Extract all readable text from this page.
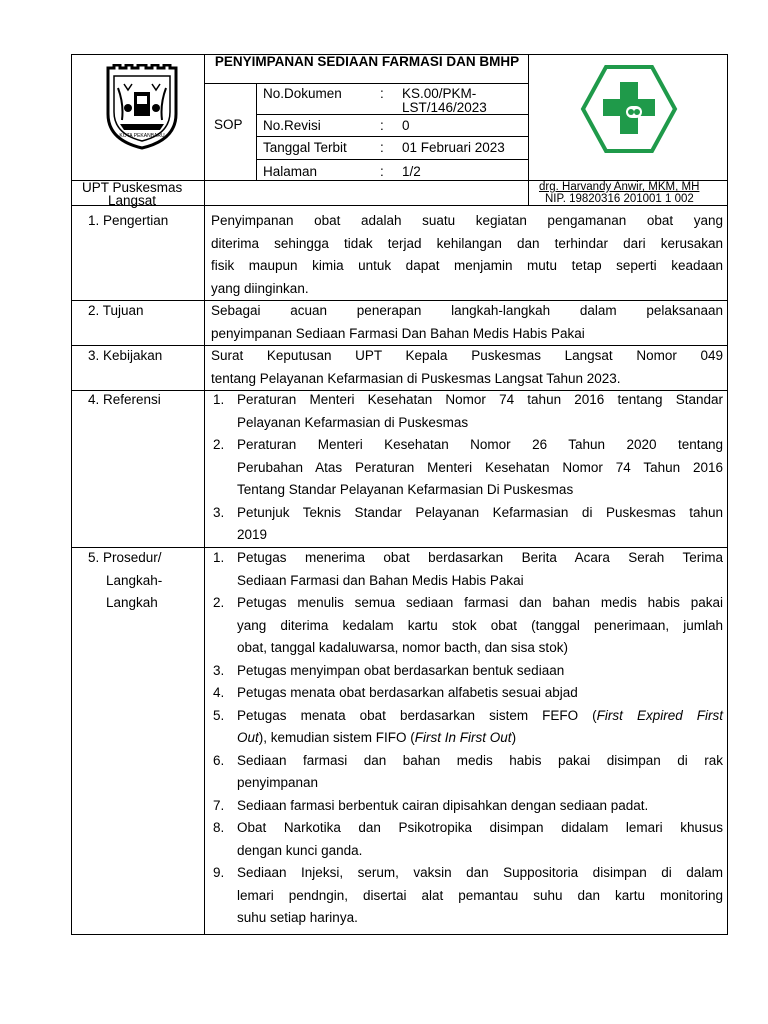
KOTA PEKANBARU
PENYIMPANAN SEDIAAN FARMASI DAN BMHP
SOP
No.Dokumen	: KS.00/PKM-
LST/146/2023
No.Revisi	: 0
Tanggal Terbit : 01 Februari 2023
Halaman	: 1/2
UPT Puskesmas
Langsat
drg. Harvandy Anwir, MKM, MH
NIP. 19820316 201001 1 002
1. Pengertian	Penyimpanan obat adalah suatu kegiatan pengamanan obat yang
diterima sehingga tidak terjad kehilangan dan terhindar dari kerusakan
fisik maupun kimia untuk dapat menjamin mutu tetap seperti keadaan
yang diinginkan.
2. Tujuan	Sebagai acuan penerapan langkah-langkah dalam pelaksanaan
penyimpanan Sediaan Farmasi Dan Bahan Medis Habis Pakai
3. Kebijakan	Surat Keputusan UPT Kepala Puskesmas Langsat Nomor 049
tentang Pelayanan Kefarmasian di Puskesmas Langsat Tahun 2023.
4. Referensi	1. Peraturan Menteri Kesehatan Nomor 74 tahun 2016 tentang Standar
Pelayanan Kefarmasian di Puskesmas
2. Peraturan Menteri Kesehatan Nomor 26 Tahun 2020 tentang
Perubahan Atas Peraturan Menteri Kesehatan Nomor 74 Tahun 2016
Tentang Standar Pelayanan Kefarmasian Di Puskesmas
3. Petunjuk Teknis Standar Pelayanan Kefarmasian di Puskesmas tahun
2019
5. Prosedur/
Langkah-
Langkah
1. Petugas menerima obat berdasarkan Berita Acara Serah Terima
Sediaan Farmasi dan Bahan Medis Habis Pakai
2. Petugas menulis semua sediaan farmasi dan bahan medis habis pakai
yang diterima kedalam kartu stok obat (tanggal penerimaan, jumlah
obat, tanggal kadaluwarsa, nomor bacth, dan sisa stok)
3. Petugas menyimpan obat berdasarkan bentuk sediaan
4. Petugas menata obat berdasarkan alfabetis sesuai abjad
5. Petugas menata obat berdasarkan sistem FEFO (First Expired First
Out), kemudian sistem FIFO (First In First Out)
6. Sediaan farmasi dan bahan medis habis pakai disimpan di rak
penyimpanan
7. Sediaan farmasi berbentuk cairan dipisahkan dengan sediaan padat.
8. Obat Narkotika dan Psikotropika disimpan didalam lemari khusus
dengan kunci ganda.
9. Sediaan Injeksi, serum, vaksin dan Suppositoria disimpan di dalam
lemari pendngin, disertai alat pemantau suhu dan kartu monitoring
suhu setiap harinya.
